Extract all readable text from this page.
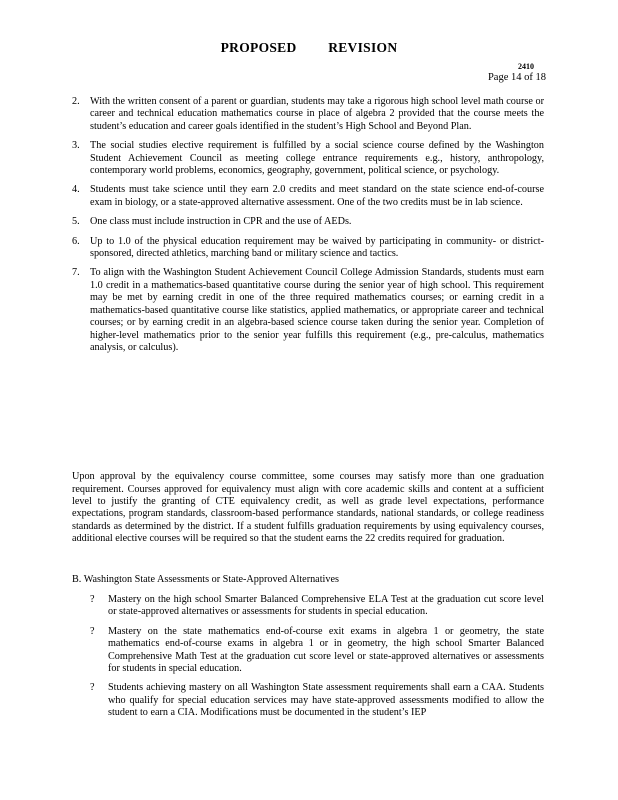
PROPOSED REVISION
2410
Page 14 of 18
2. With the written consent of a parent or guardian, students may take a rigorous high school level math course or career and technical education mathematics course in place of algebra 2 provided that the course meets the student’s education and career goals identified in the student’s High School and Beyond Plan.
3. The social studies elective requirement is fulfilled by a social science course defined by the Washington Student Achievement Council as meeting college entrance requirements e.g., history, anthropology, contemporary world problems, economics, geography, government, political science, or psychology.
4. Students must take science until they earn 2.0 credits and meet standard on the state science end-of-course exam in biology, or a state-approved alternative assessment. One of the two credits must be in lab science.
5. One class must include instruction in CPR and the use of AEDs.
6. Up to 1.0 of the physical education requirement may be waived by participating in community- or district-sponsored, directed athletics, marching band or military science and tactics.
7. To align with the Washington Student Achievement Council College Admission Standards, students must earn 1.0 credit in a mathematics-based quantitative course during the senior year of high school. This requirement may be met by earning credit in one of the three required mathematics courses; or earning credit in a mathematics-based quantitative course like statistics, applied mathematics, or appropriate career and technical courses; or by earning credit in an algebra-based science course taken during the senior year. Completion of higher-level mathematics prior to the senior year fulfills this requirement (e.g., pre-calculus, mathematics analysis, or calculus).

Upon approval by the equivalency course committee, some courses may satisfy more than one graduation requirement. Courses approved for equivalency must align with core academic skills and content at a sufficient level to justify the granting of CTE equivalency credit, as well as grade level expectations, performance expectations, program standards, classroom-based performance standards, national standards, or college readiness standards as determined by the district. If a student fulfills graduation requirements by using equivalency courses, additional elective courses will be required so that the student earns the 22 credits required for graduation.

B. Washington State Assessments or State-Approved Alternatives
? Mastery on the high school Smarter Balanced Comprehensive ELA Test at the graduation cut score level or state-approved alternatives or assessments for students in special education.
? Mastery on the state mathematics end-of-course exit exams in algebra 1 or geometry, the state mathematics end-of-course exams in algebra 1 or in geometry, the high school Smarter Balanced Comprehensive Math Test at the graduation cut score level or state-approved alternatives or assessments for students in special education.
? Students achieving mastery on all Washington State assessment requirements shall earn a CAA. Students who qualify for special education services may have state-approved assessments modified to allow the student to earn a CIA. Modifications must be documented in the student’s IEP
